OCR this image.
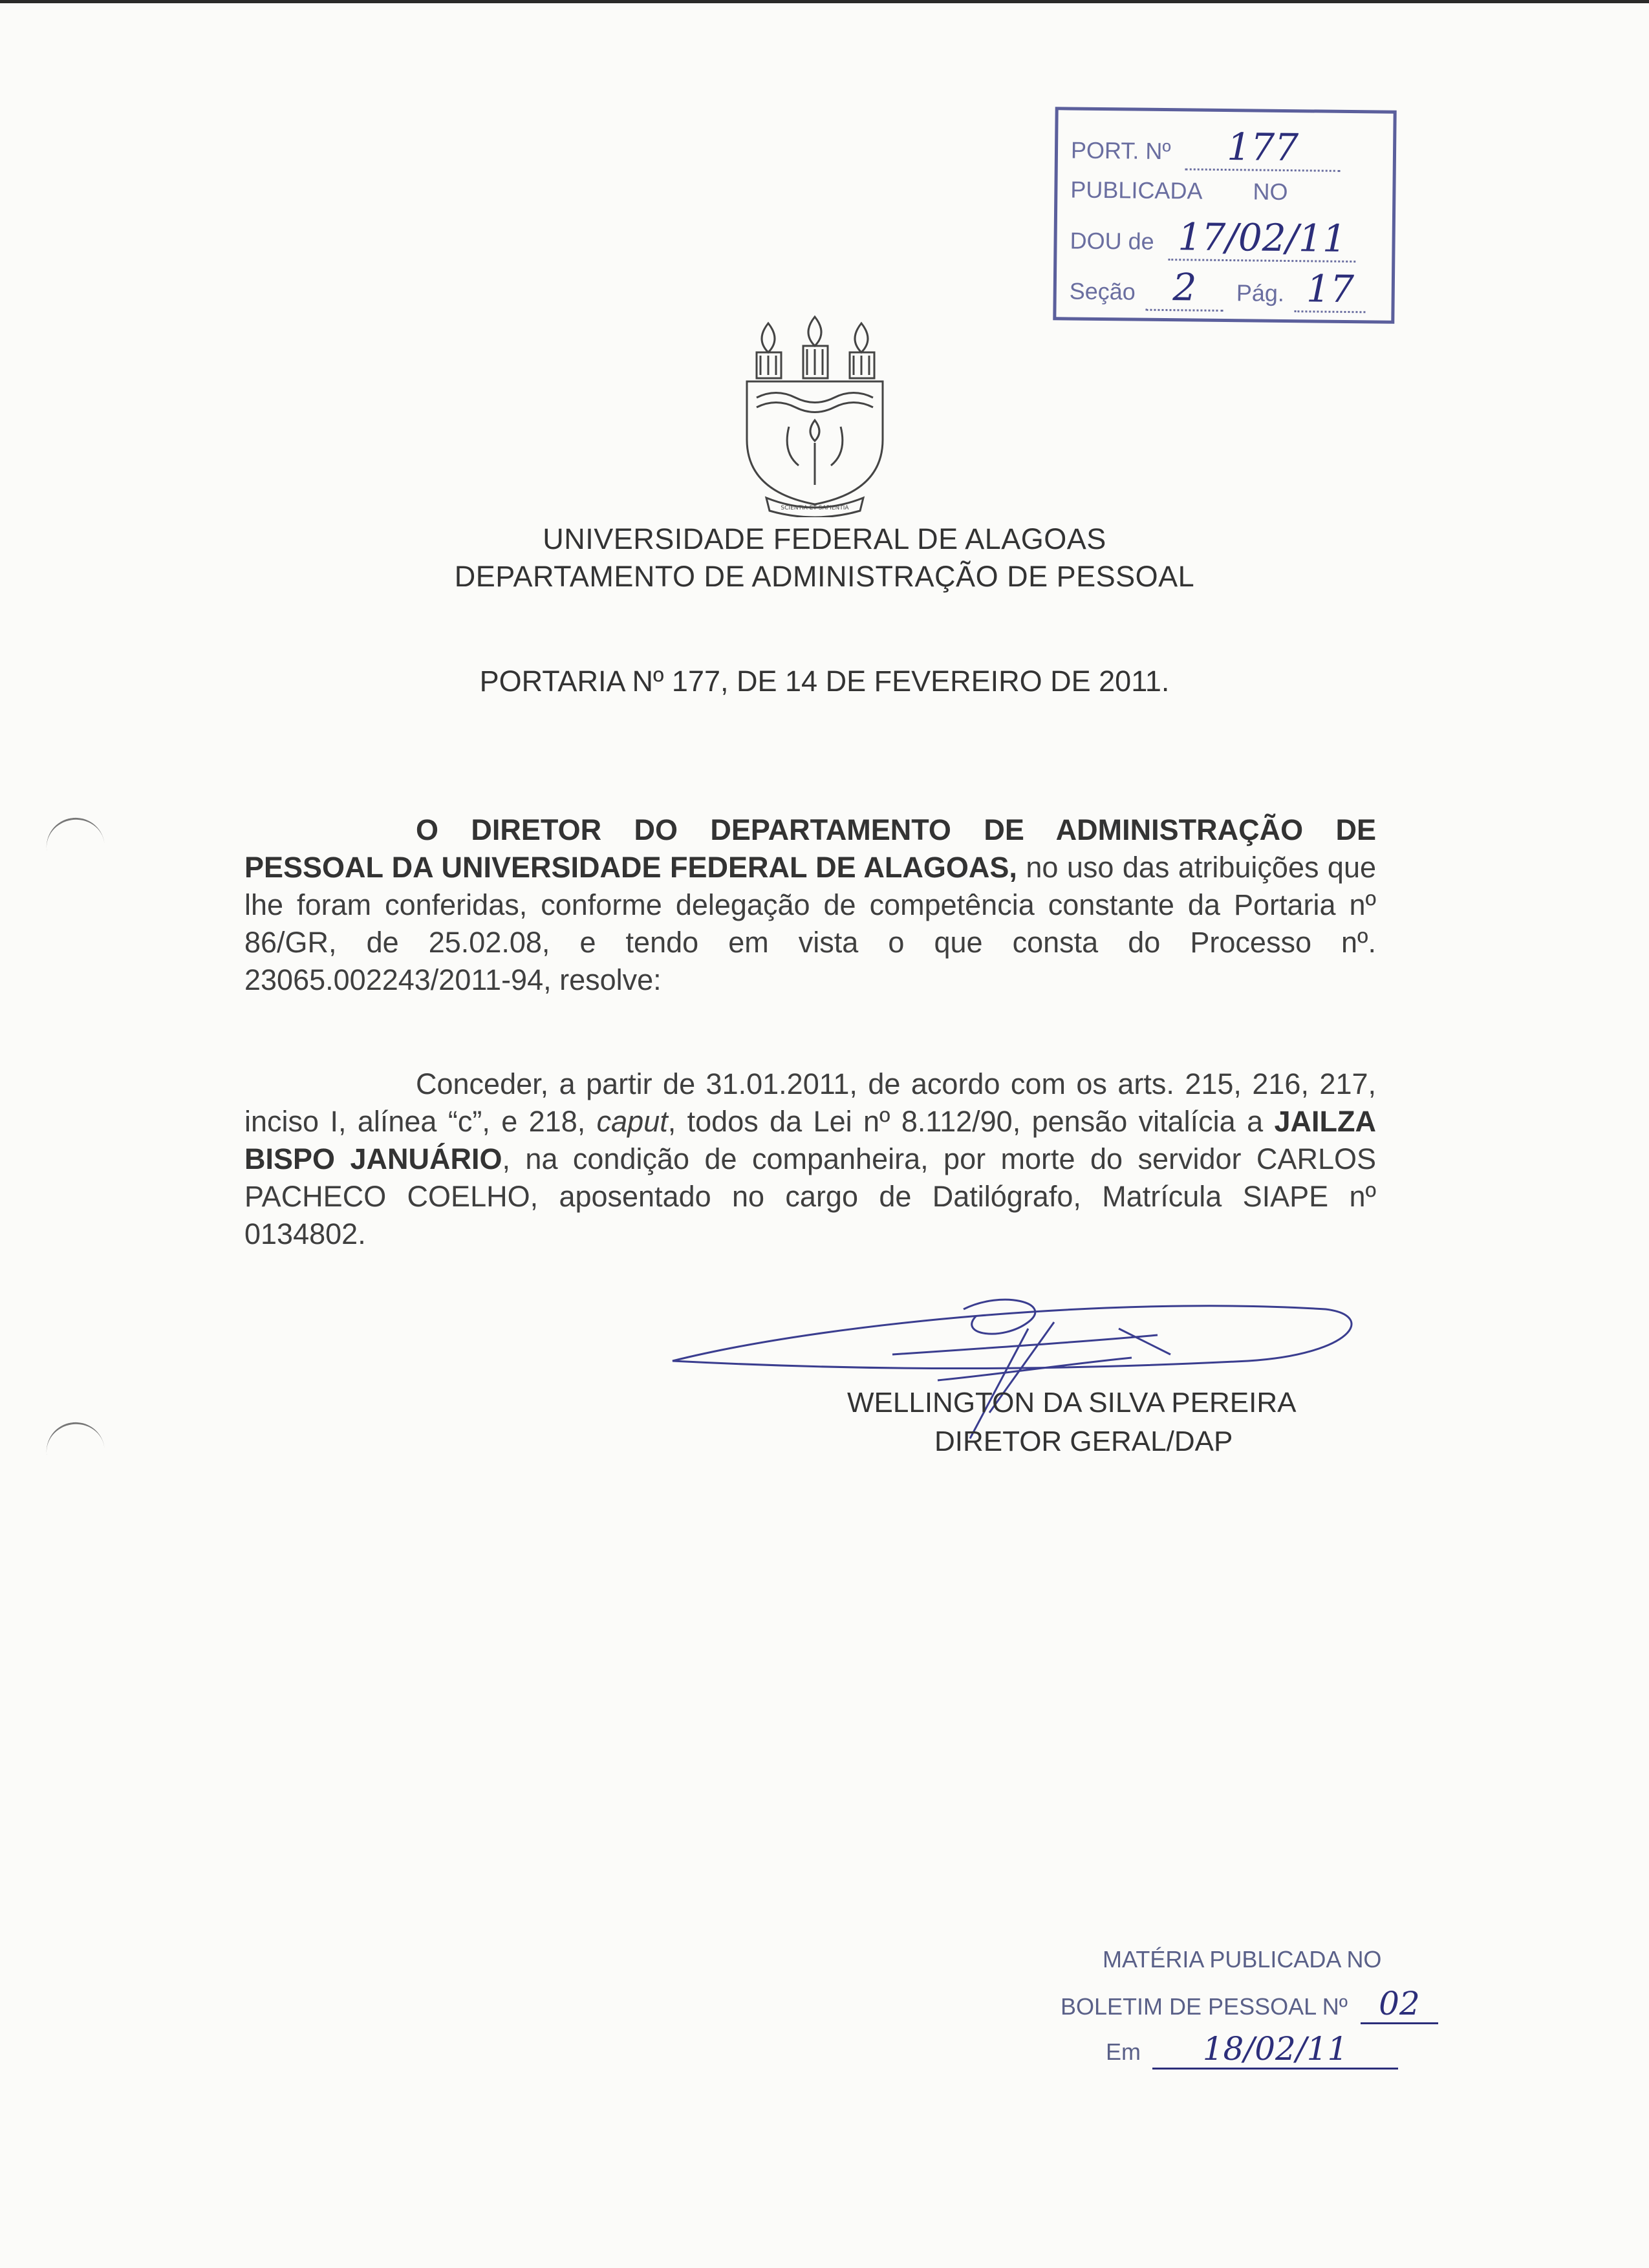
PORT. Nº 177
PUBLICADA NO
DOU de 17/02/11
Seção 2 Pág. 17
SCIENTIA ET SAPIENTIA
UNIVERSIDADE FEDERAL DE ALAGOAS
DEPARTAMENTO DE ADMINISTRAÇÃO DE PESSOAL
PORTARIA Nº 177, DE 14 DE FEVEREIRO DE 2011.
O DIRETOR DO DEPARTAMENTO DE ADMINISTRAÇÃO DE PESSOAL DA UNIVERSIDADE FEDERAL DE ALAGOAS, no uso das atribuições que lhe foram conferidas, conforme delegação de competência constante da Portaria nº 86/GR, de 25.02.08, e tendo em vista o que consta do Processo nº. 23065.002243/2011-94, resolve:
Conceder, a partir de 31.01.2011, de acordo com os arts. 215, 216, 217, inciso I, alínea “c”, e 218, caput, todos da Lei nº 8.112/90, pensão vitalícia a JAILZA BISPO JANUÁRIO, na condição de companheira, por morte do servidor CARLOS PACHECO COELHO, aposentado no cargo de Datilógrafo, Matrícula SIAPE nº 0134802.
WELLINGTON DA SILVA PEREIRA
DIRETOR GERAL/DAP
MATÉRIA PUBLICADA NO
BOLETIM DE PESSOAL Nº 02
Em 18/02/11
